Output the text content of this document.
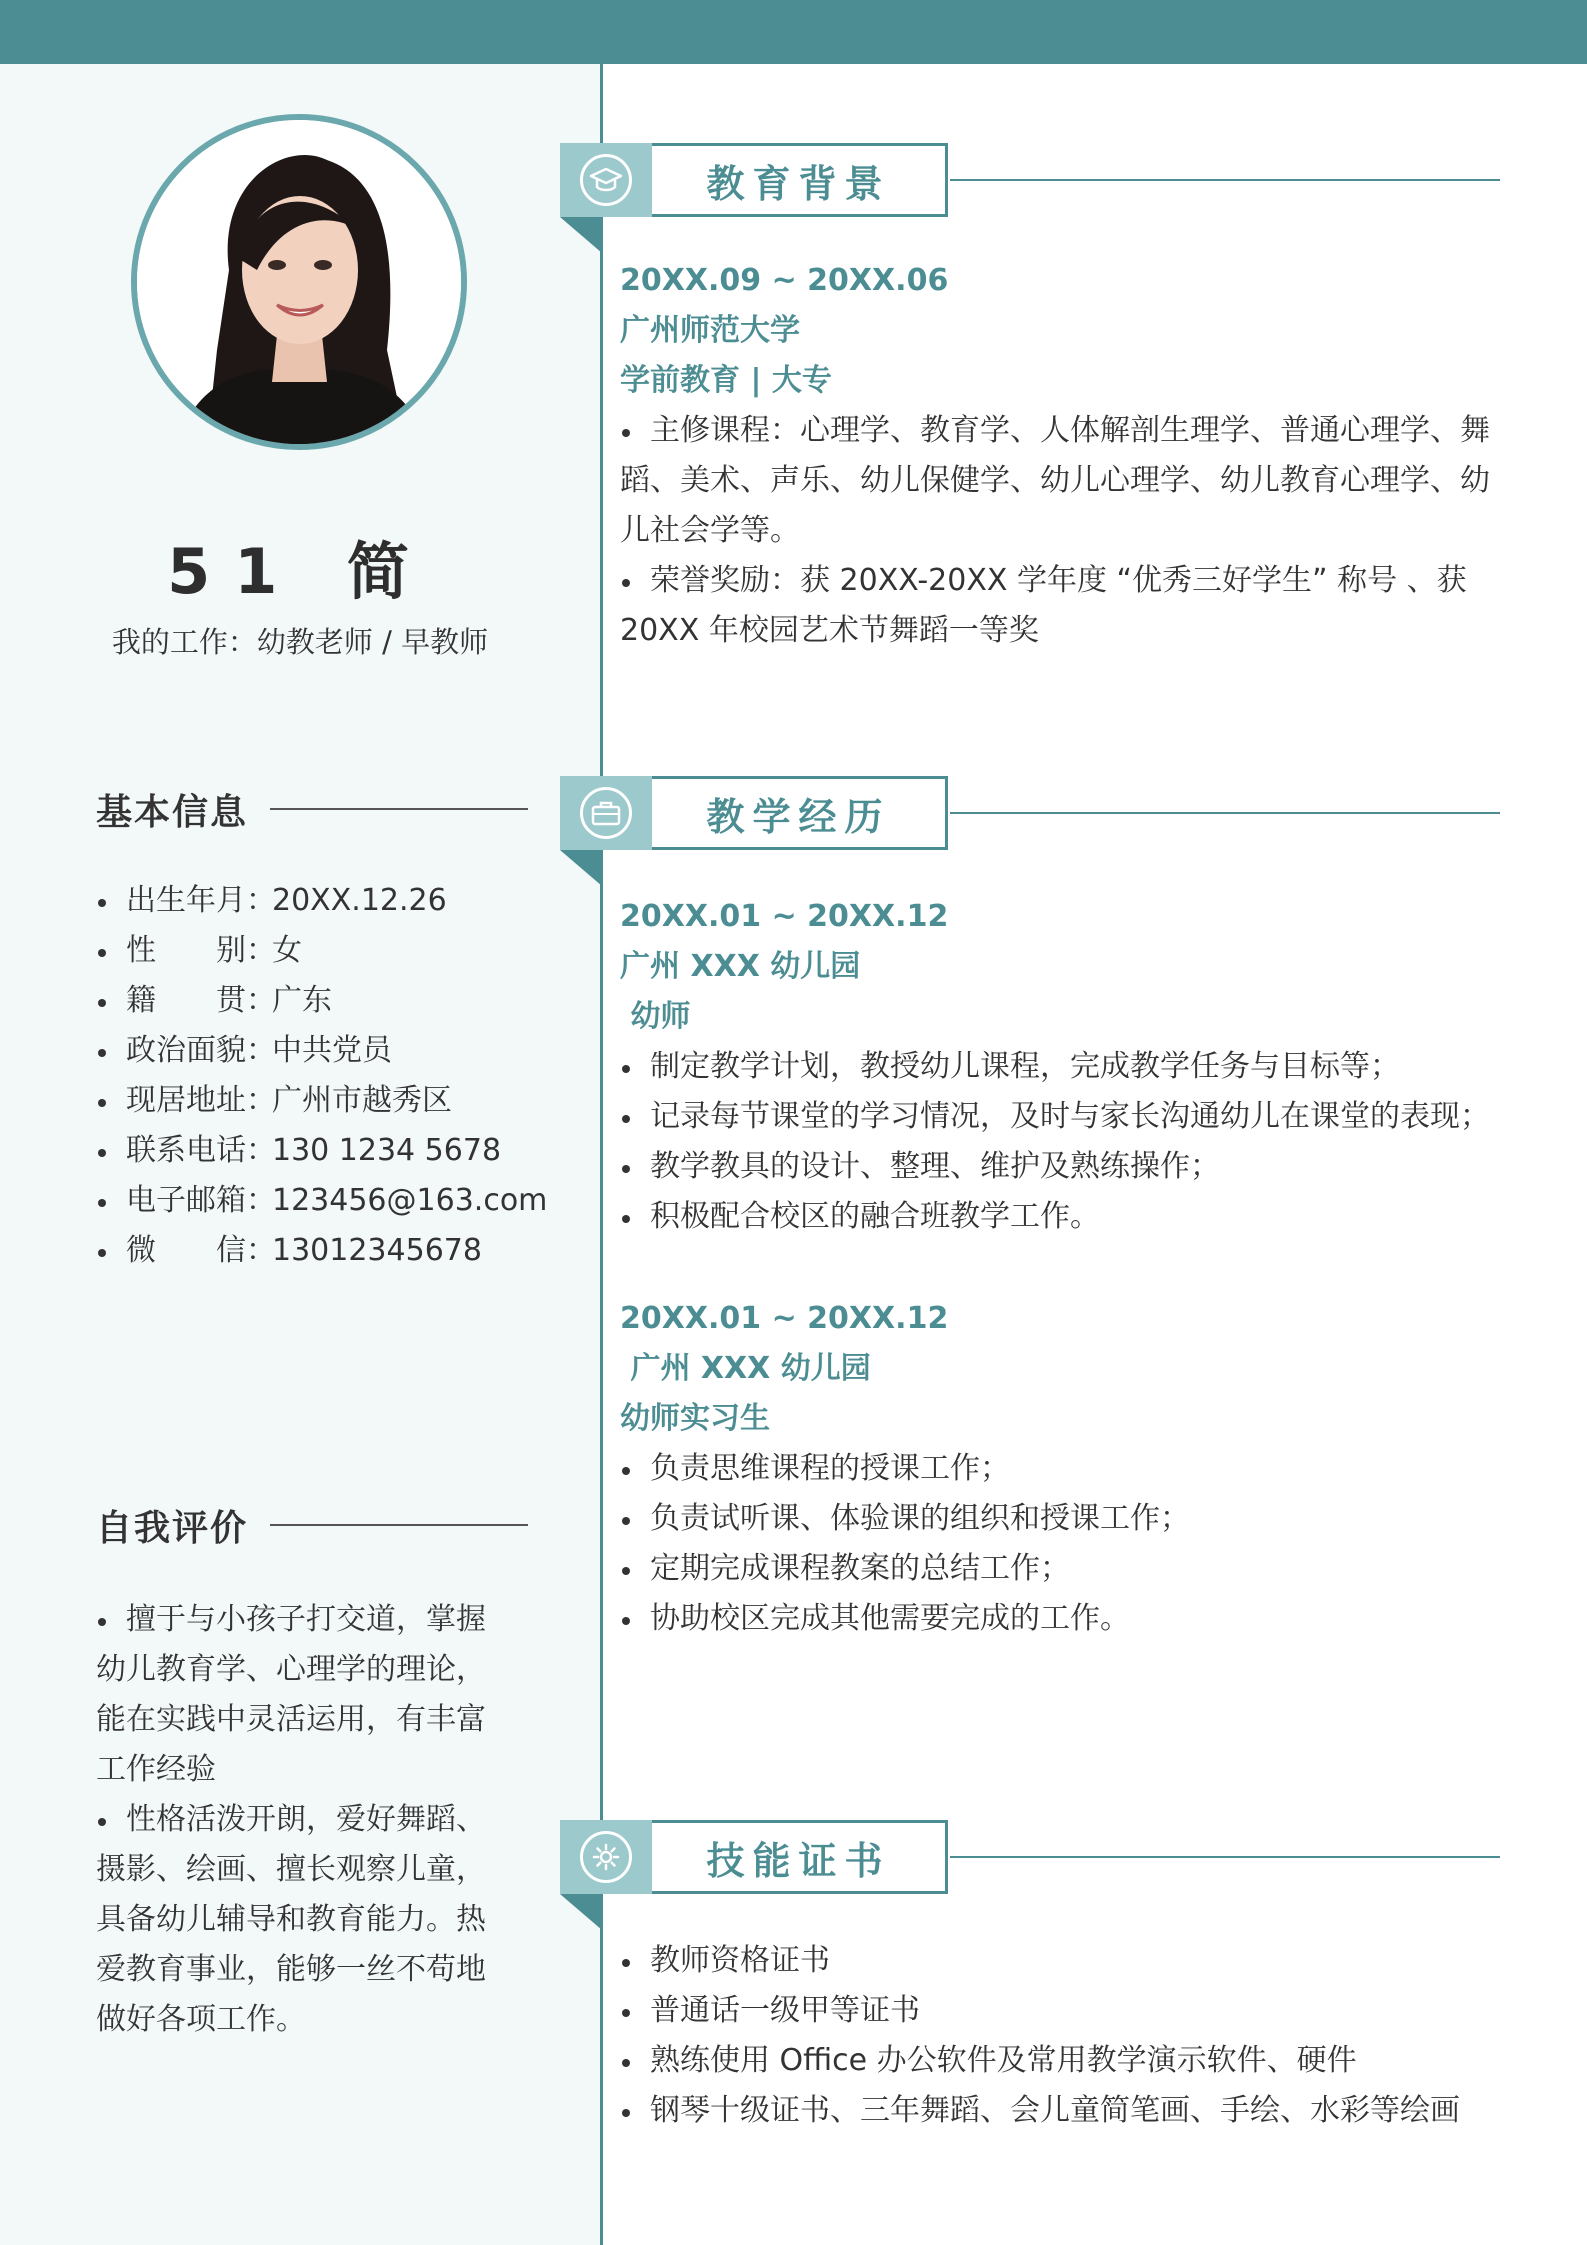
51 简
我的工作：幼教老师 / 早教师
基本信息
出生年月：20XX.12.26
性　　别：女
籍　　贯：广东
政治面貌：中共党员
现居地址：广州市越秀区
联系电话：130 1234 5678
电子邮箱：123456@163.com
微　　信：13012345678
自我评价
擅于与小孩子打交道，掌握幼儿教育学、心理学的理论，能在实践中灵活运用，有丰富工作经验
性格活泼开朗，爱好舞蹈、摄影、绘画、擅长观察儿童，具备幼儿辅导和教育能力。热爱教育事业，能够一丝不苟地做好各项工作。
教育背景
20XX.09 ~ 20XX.06
广州师范大学
学前教育 | 大专
主修课程：心理学、教育学、人体解剖生理学、普通心理学、舞蹈、美术、声乐、幼儿保健学、幼儿心理学、幼儿教育心理学、幼儿社会学等。
荣誉奖励：获 20XX-20XX 学年度 “优秀三好学生” 称号 、获 20XX 年校园艺术节舞蹈一等奖
教学经历
20XX.01 ~ 20XX.12
广州 XXX 幼儿园
幼师
制定教学计划，教授幼儿课程，完成教学任务与目标等；
记录每节课堂的学习情况，及时与家长沟通幼儿在课堂的表现；
教学教具的设计、整理、维护及熟练操作；
积极配合校区的融合班教学工作。
20XX.01 ~ 20XX.12
广州 XXX 幼儿园
幼师实习生
负责思维课程的授课工作；
负责试听课、体验课的组织和授课工作；
定期完成课程教案的总结工作；
协助校区完成其他需要完成的工作。
技能证书
教师资格证书
普通话一级甲等证书
熟练使用 Office 办公软件及常用教学演示软件、硬件
钢琴十级证书、三年舞蹈、会儿童简笔画、手绘、水彩等绘画
